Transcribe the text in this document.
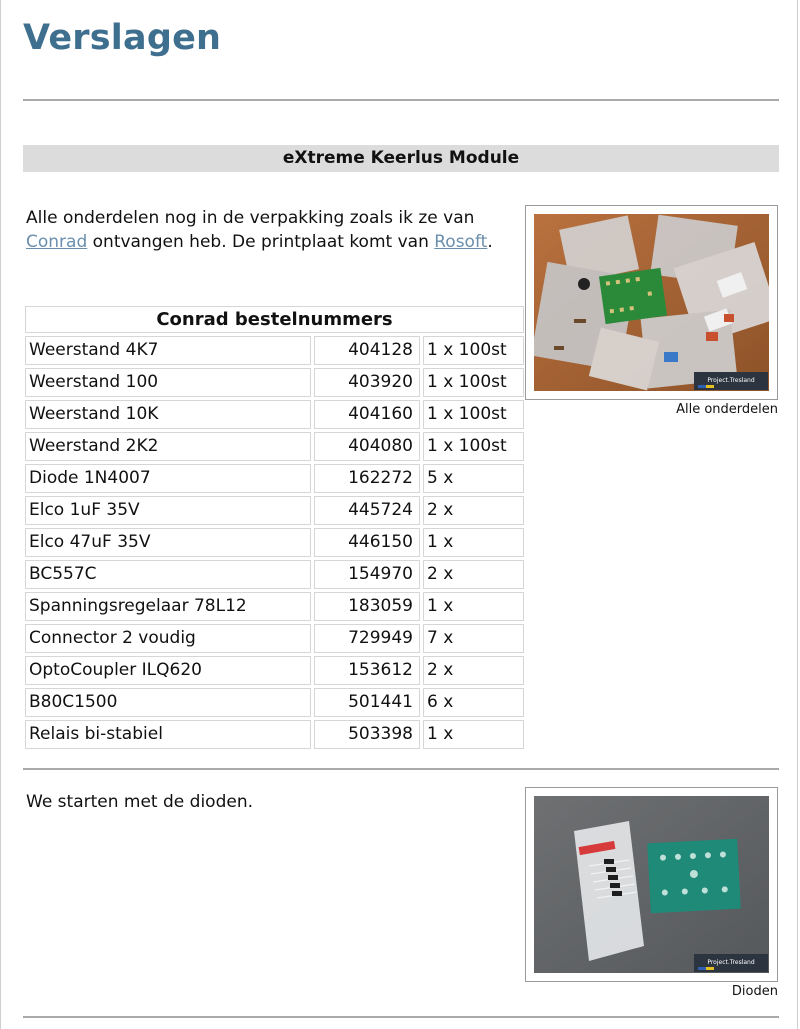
Verslagen
eXtreme Keerlus Module

Alle onderdelen nog in de verpakking zoals ik ze van Conrad ontvangen heb. De printplaat komt van Rosoft.

Project.Tresland
Alle onderdelen
Conrad bestelnummers		
Weerstand 4K7	404128	1 x 100st
Weerstand 100	403920	1 x 100st
Weerstand 10K	404160	1 x 100st
Weerstand 2K2	404080	1 x 100st
Diode 1N4007	162272	5 x
Elco 1uF 35V	445724	2 x
Elco 47uF 35V	446150	1 x
BC557C	154970	2 x
Spanningsregelaar 78L12	183059	1 x
Connector 2 voudig	729949	7 x
OptoCoupler ILQ620	153612	2 x
B80C1500	501441	6 x
Relais bi-stabiel	503398	1 x

We starten met de dioden.

Project.Tresland
Dioden
